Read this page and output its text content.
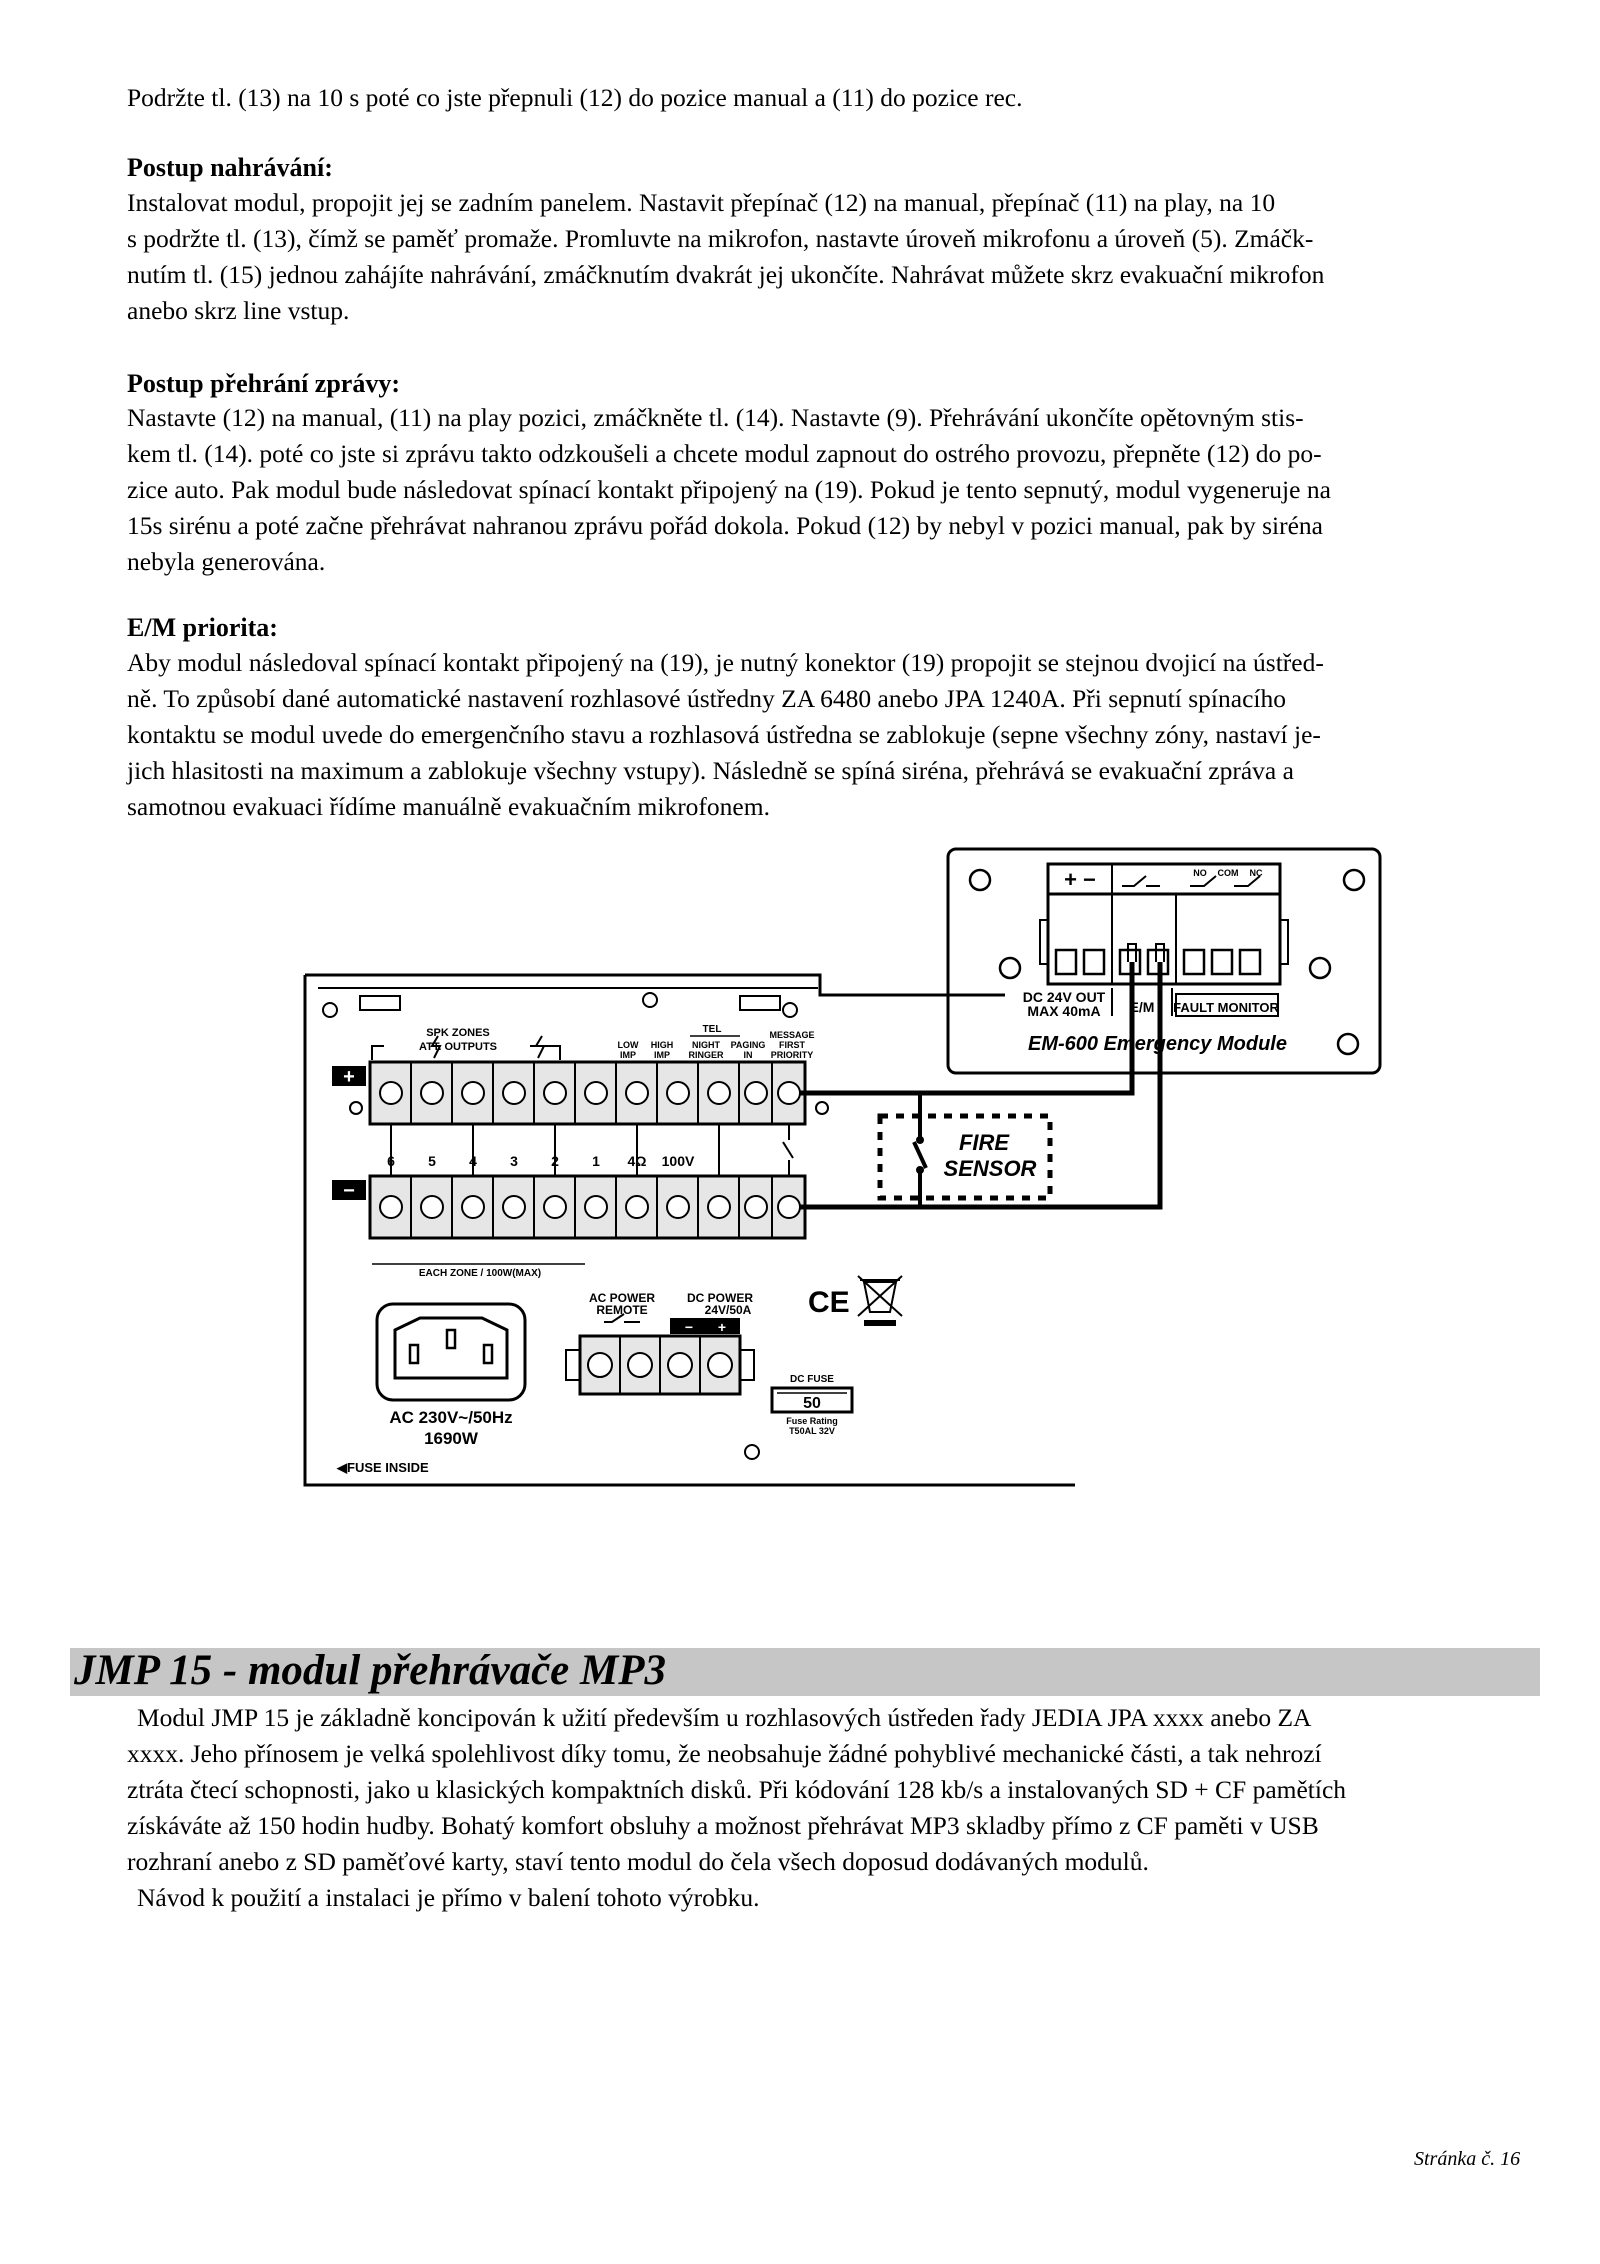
Podržte tl. (13) na 10 s poté co jste přepnuli (12) do pozice manual a (11) do pozice rec.

Postup nahrávání:

Instalovat modul, propojit jej se zadním panelem. Nastavit přepínač (12) na manual, přepínač (11) na play, na 10

s podržte tl. (13), čímž se paměť promaže. Promluvte na mikrofon, nastavte úroveň mikrofonu a úroveň (5). Zmáčk-

nutím tl. (15) jednou zahájíte nahrávání, zmáčknutím dvakrát jej ukončíte. Nahrávat můžete skrz evakuační mikrofon

anebo skrz line vstup.

Postup přehrání zprávy:

Nastavte (12) na manual, (11) na play pozici, zmáčkněte tl. (14). Nastavte (9). Přehrávání ukončíte opětovným stis-

kem tl. (14). poté co jste si zprávu takto odzkoušeli a chcete modul zapnout do ostrého provozu, přepněte (12) do po-

zice auto. Pak modul bude následovat spínací kontakt připojený na (19). Pokud je tento sepnutý, modul vygeneruje na

15s sirénu a poté začne přehrávat nahranou zprávu pořád dokola. Pokud (12) by nebyl v pozici manual, pak by siréna

nebyla generována.

E/M priorita:

Aby modul následoval spínací kontakt připojený na (19), je nutný konektor (19) propojit se stejnou dvojicí na ústřed-

ně. To způsobí dané automatické nastavení rozhlasové ústředny ZA 6480 anebo JPA 1240A. Při sepnutí spínacího

kontaktu se modul uvede do emergenčního stavu a rozhlasová ústředna se zablokuje (sepne všechny zóny, nastaví je-

jich hlasitosti na maximum a zablokuje všechny vstupy). Následně se spíná siréna, přehrává se evakuační zpráva a

samotnou evakuaci řídíme manuálně evakuačním mikrofonem.

SPK ZONES
ATT. OUTPUTS
TEL
LOW
IMP
HIGH
IMP
NIGHT
RINGER
PAGING
IN
MESSAGE
FIRST
PRIORITY
+
−
6 5 4 3 2 1 4Ω 100V
EACH ZONE / 100W(MAX)
AC 230V~/50Hz
1690W
◀FUSE INSIDE
AC POWER
REMOTE
DC POWER
24V/50A
− +
DC FUSE
50
Fuse Rating
T50AL 32V
CE
+ −	NO COM NC
DC 24V OUT
MAX 40mA E/M FAULT MONITOR
EM-600 Emergency Module
FIRE
SENSOR

JMP 15 - modul přehrávače MP3

Modul JMP 15 je základně koncipován k užití především u rozhlasových ústředen řady JEDIA JPA xxxx anebo ZA

xxxx. Jeho přínosem je velká spolehlivost díky tomu, že neobsahuje žádné pohyblivé mechanické části, a tak nehrozí

ztráta čtecí schopnosti, jako u klasických kompaktních disků. Při kódování 128 kb/s a instalovaných SD + CF pamětích

získáváte až 150 hodin hudby. Bohatý komfort obsluhy a možnost přehrávat MP3 skladby přímo z CF paměti v USB

rozhraní anebo z SD paměťové karty, staví tento modul do čela všech doposud dodávaných modulů.

Návod k použití a instalaci je přímo v balení tohoto výrobku.

Stránka č. 16
